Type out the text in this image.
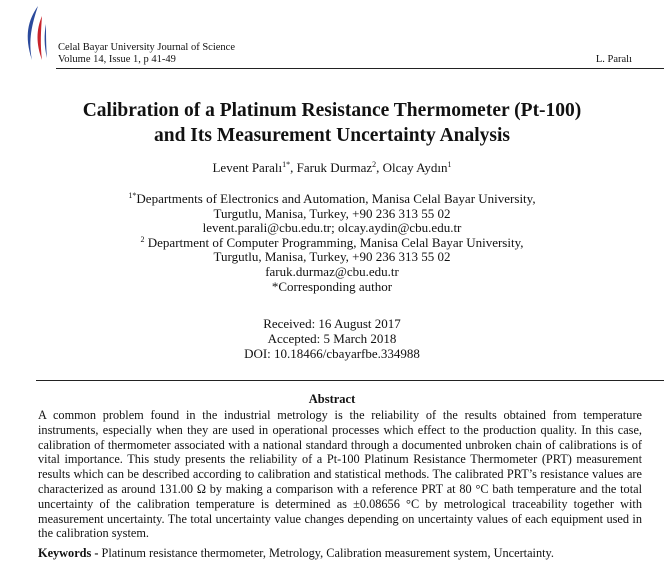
Celal Bayar University Journal of Science
Volume 14, Issue 1, p 41-49	L. Paralı
Calibration of a Platinum Resistance Thermometer (Pt-100)
and Its Measurement Uncertainty Analysis
Levent Paralı$^{1*}$, Faruk Durmaz$^2$, Olcay Aydın$^1$
$^{1*}$Departments of Electronics and Automation, Manisa Celal Bayar University,
Turgutlu, Manisa, Turkey, +90 236 313 55 02
levent.parali@cbu.edu.tr; olcay.aydin@cbu.edu.tr
$^2$ Department of Computer Programming, Manisa Celal Bayar University,
Turgutlu, Manisa, Turkey, +90 236 313 55 02
faruk.durmaz@cbu.edu.tr
*Corresponding author
Received: 16 August 2017
Accepted: 5 March 2018
DOI: 10.18466/cbayarfbe.334988
Abstract

A common problem found in the industrial metrology is the reliability of the results obtained from temperature instruments, especially when they are used in operational processes which effect to the production quality. In this case, calibration of thermometer associated with a national standard through a documented unbroken chain of calibrations is of vital importance. This study presents the reliability of a Pt-100 Platinum Resistance Thermometer (PRT) measurement results which can be described according to calibration and statistical methods. The calibrated PRT’s resistance values are characterized as around 131.00 Ω by making a comparison with a reference PRT at 80 °C bath temperature and the total uncertainty of the calibration temperature is determined as ±0.08656 °C by metrological traceability together with measurement uncertainty. The total uncertainty value changes depending on uncertainty values of each equipment used in the calibration system.

Keywords - Platinum resistance thermometer, Metrology, Calibration measurement system, Uncertainty.
